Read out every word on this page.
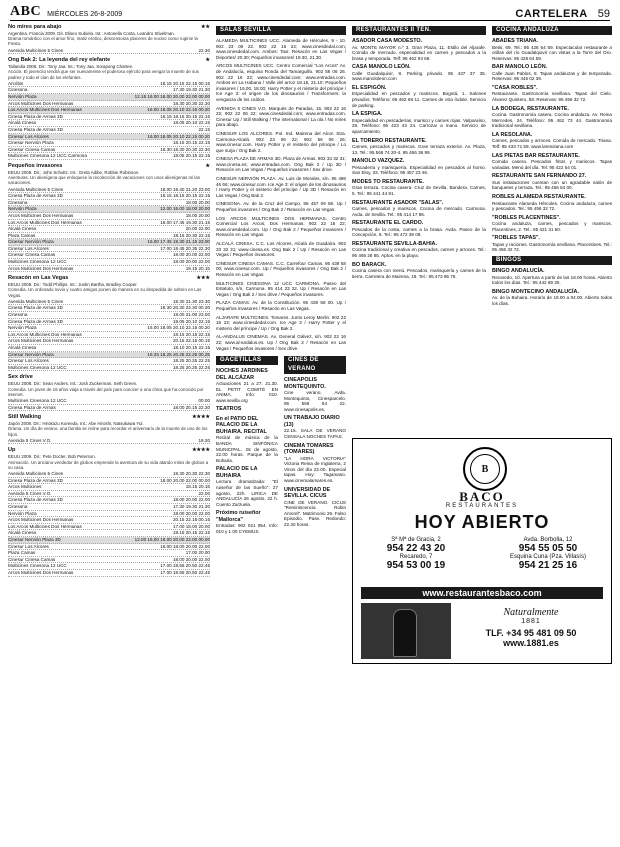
ABC MIÉRCOLES 26-8-2009	CARTELERA 59
No mires para abajo	★★
Argentina, Francia 2009. Dir. Eliseo Subiela. Int.: Antonella Costa, Leandro Stivelman.
Drama romántico con el amor fino, matiz erotico, descensoras placeres de nocivo como rugirse la Fiesta.
Avenida Multicines 5 Cines	22.30
Ong Bak 2: La leyenda del rey elefante	★
Tailandia 2008. Dir.: Tony Jaa. Int.: Tony Jaa, Sorapong Chatree.
Acción. El jovencito tendrá que ser nuevamente el poderoso ejército para vengar la muerte de sus padres y todo el clan de los elefantes.
Arcóbis	18.15 20.15 22.15 00.15
Cinesona	17.30 19.30 21.30
Nervión Plaza	12.15 16.00 18.00 20.00 22.00 00.00
Arcos Multicines Dos Hermanas	18.30 20.30 22.30
Los Arcos Multicines Dos Hermanas	16.00 18.05 20.10 22.15 00.20
Cinesa Plaza de Armas 3D	16.15 18.15 20.15 22.15
Alcalá Cinesa	18.05 20.10 22.15
Cinesa Plaza de Armas 3D	22.15
Cinesur Los Alcores	16.00 18.05 20.10 22.15 00.20
Cinesur Nervión Plaza	18.15 20.15 22.15
Cinesur Cinesa Camas	16.30 18.30 20.30 22.30
Multicines Cinesona 12 UCC Carmona	18.05 20.15 22.15
Pequeños invasores	★
EEUU 2009. Dir.: John Schultz. Int.: Greta Adibe, Robbie Robinson.
Aventuras. Un alienígena que enloquece la recolección de vacaciones con unos alienígenas mi las vacaciones.
Avenida Multicines 5 Cines	18.00 19.40 21.20 23.00
Cinesa Plaza de Armas 3D	16.15 18.15 20.15 22.15
Cinesona	18.00 20.00
Nervión Plaza	12.00 16.00 18.00 20.00
Arcos Multicines Dos Hermanas	18.00 20.00
Los Arcos Multicines Dos Hermanas	16.00 17.45 19.30 21.15
Alcalá Cinesa	20.00 22.00
Plaza Camas	18.15 20.30 22.15
Cinesur Nervión Plaza	16.00 17.45 19.30 21.15 23.00
Cinesur Los Alcores	17.00 18.45 20.35 22.30
Cinesur Cinesa Camas	18.00 20.00 22.00
Multicines Cinesona 12 UCC	18.00 20.00 22.00
Arcos Multicines Dos Hermanas	18.15 20.15
Resacón en Las Vegas	★★★
EEUU 2009. Dir.: Todd Phillips. Int.: Justin Bartha, Bradley Cooper.
Comedia. Un ordenado novio y cuatro amigos ponen de manera en su despedida de soltero en Las Vegas.
Avenida Multicines 5 Cines	19.30 21.30 23.30
Cinesa Plaza de Armas 3D	18.30 20.30 22.30 00.30
Cinesona	19.00 21.00 23.00
Cinesa Plaza de Armas 3D	19.05 20.10 22.15
Nervión Plaza	16.00 18.05 20.10 22.15 00.20
Los Arcos Multicines Dos Hermanas	18.15 20.15 22.15
Arcos Multicines Dos Hermanas	20.15 22.15 00.15
Alcalá Cinesa	18.10 20.15 22.15
Cinesur Nervión Plaza	16.25 18.25 20.25 22.25 00.25
Cinesur Los Alcores	18.25 20.25 22.25
Multicines Cinesona 12 UCC	18.25 20.25 22.25
Sex drive
EEUU 2008. Dir.: Sean Anders. Int.: Josh Zuckerman, Seth Green.
Comedia. Un joven de 18 años viaja a través del país para conocer a una chica que ha conocido por internet.
Multicines Cinesona 12 UCC	00.00
Cinesa Plaza de Armas	18.00 20.15 22.30
Still Walking	★★★★
Japón 2008. Dir.: Hirokazu Koreeda. Int.: Abe Hiroshi, Natsukawa Yui.
Drama. Un día de verano, una familia se reúne para recordar el aniversario de la muerte de uno de los hijos.
Avenida 5 Cines V.O.	18.30
Up	★★★★
EEUU 2009. Dir.: Pete Docter, Bob Peterson.
Animación. Un anciano vendedor de globos emprende la aventura de su vida atando miles de globos a su casa.
Avenida Multicines 5 Cines	18.30 20.30 22.30
Cinesa Plaza de Armas 3D	18.00 20.00 22.00 00.00
Arcos Multicines	18.15 20.15
Avenida 5 Cines V.O.	22.00
Cinesa Plaza de Armas 3D	18.00 20.00 22.00
Cinesona	17.30 19.30 21.30
Nervión Plaza	18.00 20.00 22.00
Arcos Multicines Dos Hermanas	20.15 22.15 00.15
Los Arcos Multicines Dos Hermanas	17.00 18.00 20.00
Alcalá Cinesa	18.15 20.15 22.15
Cinesur Nervión Plaza 3D	12.00 16.00 18.00 20.00 22.00 00.00
Cinesur Los Alcores	16.00 18.00 20.00 22.00
Plaza Camas	17.00 20.00
Cinesur Cinesa Camas	18.00 20.00 22.00
Multicines Cinesona 12 UCC	17.00 18.55 20.50 22.45
Arcos Multicines Dos Hermanas	17.00 18.55 20.50 22.45
SALAS SEVILLA

ALAMEDA MULTICINES UCC. Alameda de Hércules, 9 - 10. 902 23 06 22. 902 22 16 22; www.cinesdedal.com; www.cinesdedal.com. Ambos: Taxi: Resacón en Las Vegas / Deportes/ 20.30; Pequeños invasores/ 19.30, 21.30.

ARCOS MULTICINES UCC. Centro Comercial "Los Arcos" Av. de Andalucía, esquina Ronda del Tamarguillo. 902 56 06 26. 902 22 16 22; www.cinesdedal.com; www.entradas.com. Ambos en La Habana / Valle del arroz 18.15, 21.10; Pequeños invasores / 16.00, 18.00; Harry Potter y el misterio del príncipe / Ice Age 3: el origen de los dinosaurios / Transformers: la venganza de los caídos.

AVENIDA 5 CINES V.O. Marqués de Paradas, 15. 902 22 16 22; 902 22 06 22; www.cinesdedal.com; www.entradas.com. Cinesur Up / Still Walking / The international / La ola / No mires para abajo.

CINESUR LOS ALCORES. Pol. Ind. Mairena del Alcor. Stra. Carmona-Alcalá. 902 23 06 22; 902 56 06 26; www.cinesur.com. Harry Potter y el misterio del príncipe / Lo que surja / Ong Bak 2.

CINESA PLAZA DE ARMAS 3D. Plaza de Armas. 902 33 32 31; www.cinesa.es; www.entradas.com. Ong Bak 2 / Up 3D / Resacón en Las Vegas / Pequeños invasores / Sex drive.

CINESUR NERVIÓN PLAZA. Av. Luis de Morales, s/n. 95 498 46 66; www.cinesur.com. Ice Age 3: el origen de los dinosaurios / Harry Potter y el misterio del príncipe / Up 3D / Resacón en Las Vegas / Ong Bak 2.

CINESONA. Av. de la Cruz del Campo. 95 457 09 88. Up / Pequeños invasores / Ong Bak 2 / Resacón en Las Vegas.

LOS ARCOS MULTICINES DOS HERMANAS. Centro Comercial Los Arcos, Dos Hermanas. 902 22 16 22; www.cinesdedal.com. Up / Ong Bak 2 / Pequeños invasores / Resacón en Las Vegas.

ALCALÁ CINESA. C.C. Los Alcores, Alcalá de Guadaíra. 902 33 32 31; www.cinesa.es. Ong Bak 2 / Up / Resacón en Las Vegas / Pequeños invasores.

CINESUR CINESA CAMAS. C.C. Carrefour Camas. 95 439 58 00; www.cinesur.com. Up / Pequeños invasores / Ong Bak 2 / Resacón en Las Vegas.

MULTICINES CINESONA 12 UCC CARMONA. Paseo del Estatuto, s/n, Carmona. 95 414 23 22. Up / Resacón en Las Vegas / Ong Bak 2 / Sex drive / Pequeños invasores.

PLAZA CAMAS. Av. de la Constitución. 95 439 58 00. Up / Pequeños invasores / Resacón en Las Vegas.

ALJARAFE MULTICINES. Tomares. Junto Leroy Merlin. 902 22 16 22; www.cinesdedal.com. Ice Age 3 / Harry Potter y el misterio del príncipe / Up / Ong Bak 2.

AL-ANDALUS CINEMAS. Av. General Gálvez, s/n. 902 22 16 22; www.al-andalus.es. Up / Ong Bak 2 / Resacón en Las Vegas / Pequeños invasores / Sex drive.

GACETILLAS
NOCHES JARDINES DEL ALCÁZAR
Actuaciones 21 a 27. 21.30. EL PETIT COMITÉ EN ANIMA. Info: 010. www.sevilla.org
TEATROS
En el PATIO DEL PALACIO DE LA BUHAIRA. RECITAL
Recital de música de la BANDA SINFÓNICA MUNICIPAL. 26 de agosto, 22.00 horas. Parque de la Buhaira.
PALACIO DE LA BUHAIRA
Lectura dramatizada: "El ruiseñor de las Sueño". 27 agosto, 22h. LIRICA DE ANDALUCÍA 26 agosto, 22 h. Cuento Zarzuela.
Próximo ruiseñor "Mallorca"
Entradas: 902 021 954. Info: 010 y 1 00 CYEMUS.
CINES DE VERANO
CINEAPOLIS MONTEQUINTO.
Cine verano. Avda. Montequinto, Cinesparcelo. 95 569 84 22. www.cinesapolis.es.
UN TRABAJO DIARIO (13)
22.15. SALA DE VERANO CENSALA NOCHES TAPAS.
CINEMA TOMARES (TOMARES)
"LA HORA VICTORIA" Victoria Reina de Inglaterra, 2 Vinos del día 22.00. Especial tapas. Hoy: Tagamaso. www.cinemalamares.es.
UNIVERSIDAD DE SEVILLA. CICUS
CINE DE VERANO. CICUS "Reminiscencia Robin Amorel". Matrimonio 26. Falso Episodio. Pase. Redondo: 22.30 horas.
RESTAURANTES II TEN.
ASADOR CASA MODESTO.
Av. MONTE MAYOR n.º 3. Gran Plaza, 11. Estilo del Aljarafe. Comida de mercado, especialidad en carnes y pescados a la brasa y temporada. Telf: 95 462 93 68.
CASA MANOLO LEÓN.
Calle Guadalquivir, 8. Parking privado. 95 437 37 35. www.manololeon.com
EL ESPIGÓN.
Especialidad en pescados y mariscos. Bogotá, 1. Salones privados. Teléfono: 95 462 68 11. Carnes de otra índole. Servicio de parking.
LA ESPIGA.
Especialidad en pescaderías, marisco y carnes rojas. Valparaíso, 28. Teléfono: 95 423 43 24. Carrozar a mano. Servicio de aparcamiento.
EL TORERO RESTAURANTE.
Carnes, pescados y mariscos. Gran terraza exterior. Av. Plaza, 13. Tel.: 95 566 74 20-4. 95 466 36 99.
MANOLO VAZQUEZ.
Pescadería y marisquería. Especialidad en pescados al horno. San Eloy, 33. Teléfono: 95 457 23 46.
MODES TO RESTAURANTE.
Gran terraza. Cocina casera. Cruz de Sevilla. Bandera. Carnes, 5. Tel.: 95 441 44 91.
RESTAURANTE ASADOR "SALAS".
Carnes, pescados y mariscos. Cocina de mercado. Carmona. Avda. de Sevilla. Tel.: 95 414 17 86.
RESTAURANTE EL CARDO.
Pescados de la costa, carnes a la brasa. Avda. Paseo de la Concepción, 6. Tel.: 95 472 38 08.
RESTAURANTE SEVILLA-BAHIA.
Cocina tradicional y creativa en pescados, carnes y arroces. Tel.: 95 466 28 85. Aptos. en la playa.
BO BARACK.
Cocina casera con menú. Pescados, marisquería y carnes de la tierra. Carretera de Mairena, 19. Tel.: 95 473 95 76.
COCINA ANDALUZA
ABADES TRIANA.
Betis, 69. Tel.: 95 428 64 59. Espectacular restaurante a orillas del río Guadalquivir con vistas a la Torre del Oro. Reservas: 95 428 64 59.
BAR MANOLO LEÓN.
Calle Juan Pablos, 8. Tapas andaluzas y de temporada. Reservas: 95 445 02 39.
"CASA ROBLES".
Restaurante. Gastronomía sevillana. Tapas del Cielo. Álvarez Quintero, 58. Reservas: 95 456 32 72.
LA BODEGA, RESTAURANTE.
Cocina. Gastronomía casera. Cocina andaluza. Av. Reina Mercedes, 24. Teléfono: 95 462 73 44. Gastronomía tradicional sevillana.
LA RESOLANA.
Carnes, pescados y arroces. Comida de mercado. Triana. Telf: 95 433 71 59. www.laresolana.com
LAS PIETAS BAR RESTAURANTE.
Comida casera. Pescados fritos y mariscos. Tapas variadas. Menú del día. Tel: 95 422 54 01.
RESTAURANTE SAN FERNANDO 27.
Sus instalaciones cuentan con un agradable salón de banquetes y terraza. Tel.: 95 456 84 00.
ROBLES ALAMEDA RESTAURANTE.
Restaurante Alameda Hércules. Cocina andaluza, carnes y pescados. Tel.: 95 456 32 72.
"ROBLES PLACENTINES".
Cocina andaluza, carnes, pescados y mariscos. Placentines, 2. Tel.: 95 421 31 50.
"ROBLES TAPAS".
Tapas y raciones. Gastronomía sevillana. Placentines. Tel.: 95 456 32 72.
BINGOS
BINGO ANDALUCÍA.
Recaredo, 10. Apertura a partir de las 18.00 horas. Abierto todos los días. Tel.: 95 442 69 30.
BINGO MONTECINO ANDALUCÍA.
Av. de la Buhaira. Horario de 18.00 a 04.00. Abierto todos los días.
B
BACO
RESTAURANTES
HOY ABIERTO
Sª Mª de Gracia, 2
954 22 43 20
Recaredo, 7
954 53 00 19
Avda. Borbolla, 12
954 55 05 50
Esquina Cuna (Pza. Villasís)
954 21 25 16
www.restaurantesbaco.com
Naturalmente
1881
TLF. +34 95 481 09 50
www.1881.es
